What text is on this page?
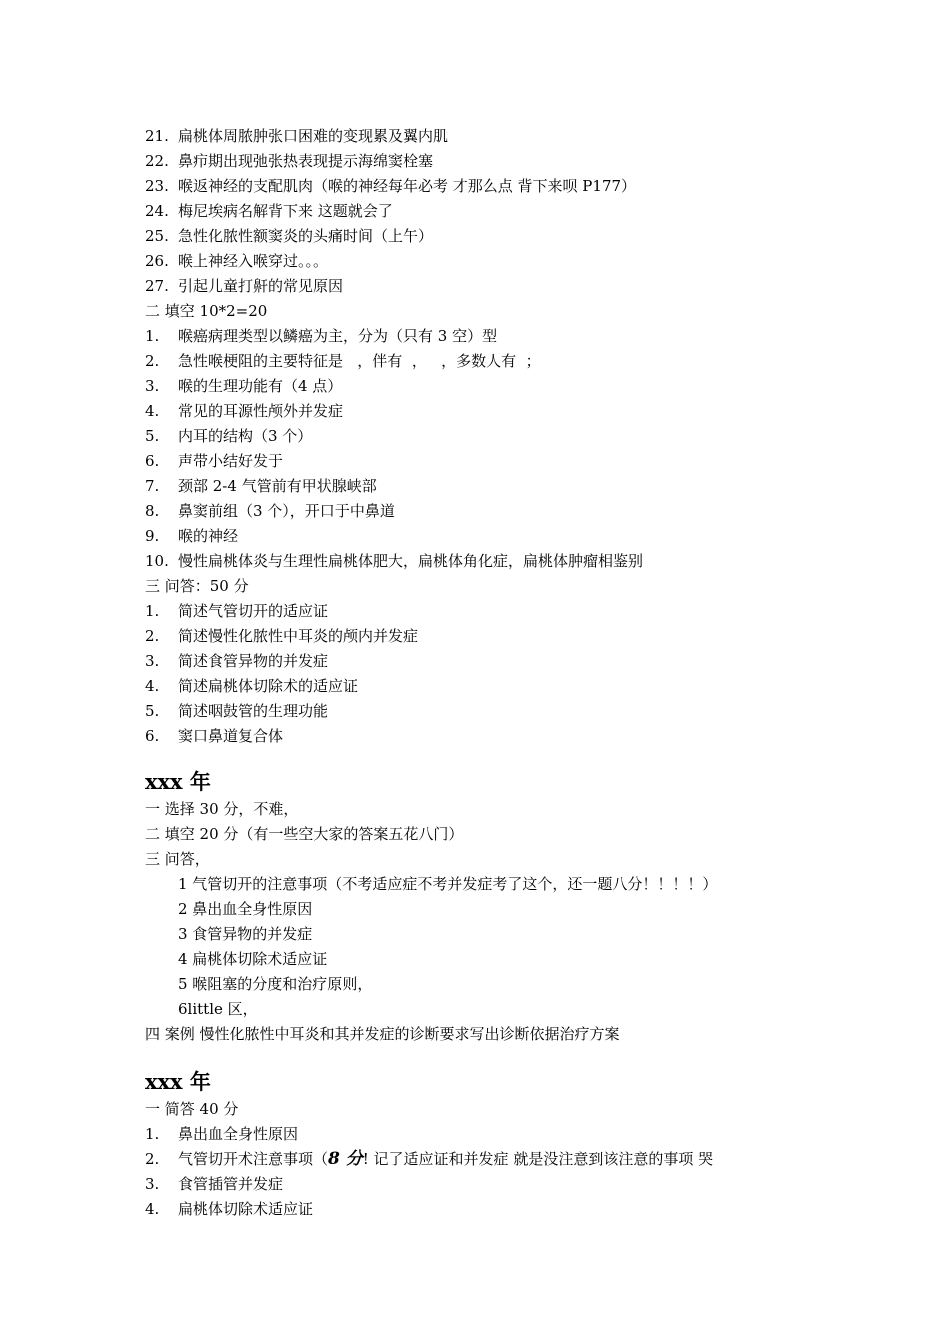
21. 扁桃体周脓肿张口困难的变现累及翼内肌
22. 鼻疖期出现弛张热表现提示海绵窦栓塞
23. 喉返神经的支配肌肉（喉的神经每年必考 才那么点 背下来呗 P177）
24. 梅尼埃病名解背下来 这题就会了
25. 急性化脓性额窦炎的头痛时间（上午）
26. 喉上神经入喉穿过。。。
27. 引起儿童打鼾的常见原因
二 填空 10*2=20
1. 喉癌病理类型以鳞癌为主，分为（只有 3 空）型
2. 急性喉梗阻的主要特征是   ，伴有  ，   ，多数人有  ；
3. 喉的生理功能有（4 点）
4. 常见的耳源性颅外并发症
5. 内耳的结构（3 个）
6. 声带小结好发于
7. 颈部 2-4 气管前有甲状腺峡部
8. 鼻窦前组（3 个），开口于中鼻道
9. 喉的神经
10. 慢性扁桃体炎与生理性扁桃体肥大，扁桃体角化症，扁桃体肿瘤相鉴别
三 问答：50 分
1. 简述气管切开的适应证
2. 简述慢性化脓性中耳炎的颅内并发症
3. 简述食管异物的并发症
4. 简述扁桃体切除术的适应证
5. 简述咽鼓管的生理功能
6. 窦口鼻道复合体
xxx 年
一 选择 30 分，不难，
二 填空 20 分（有一些空大家的答案五花八门）
三 问答，
1 气管切开的注意事项（不考适应症不考并发症考了这个，还一题八分！！！！）
2 鼻出血全身性原因
3 食管异物的并发症
4 扁桃体切除术适应证
5 喉阻塞的分度和治疗原则，
6little 区，
四 案例 慢性化脓性中耳炎和其并发症的诊断要求写出诊断依据治疗方案
xxx 年
一 简答 40 分
1. 鼻出血全身性原因
2. 气管切开术注意事项（8 分! 记了适应证和并发症 就是没注意到该注意的事项 哭
3. 食管插管并发症
4. 扁桃体切除术适应证
